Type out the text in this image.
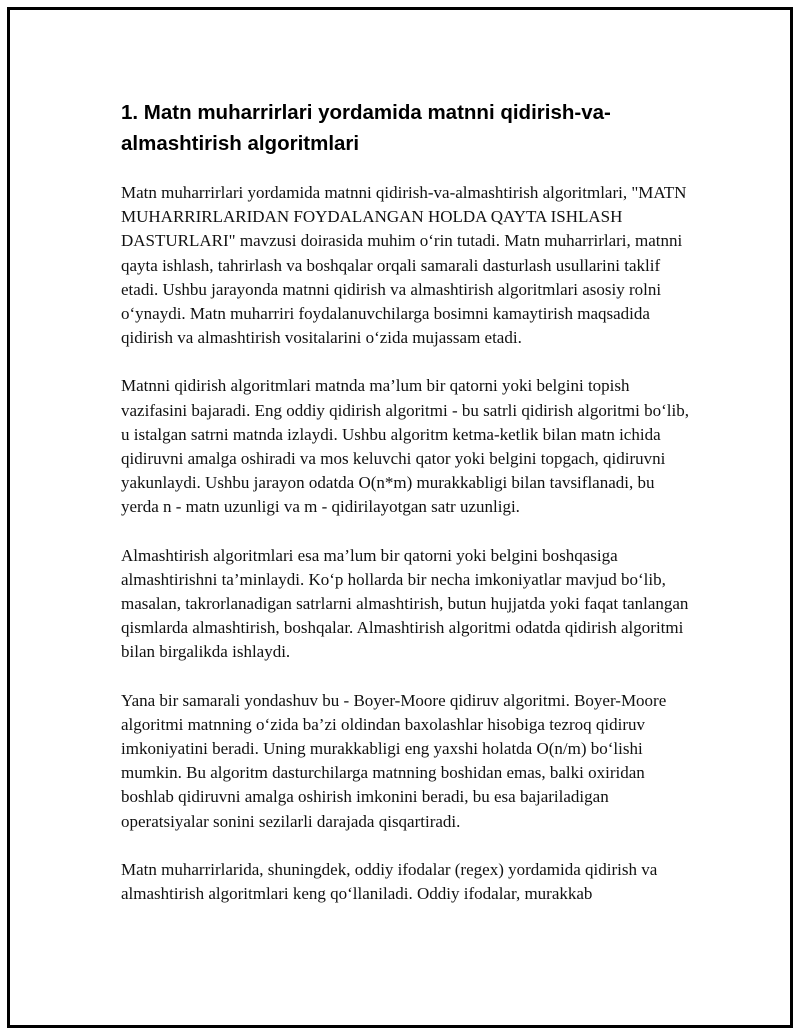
1. Matn muharrirlari yordamida matnni qidirish-va-almashtirish algoritmlari

Matn muharrirlari yordamida matnni qidirish-va-almashtirish algoritmlari, "MATN MUHARRIRLARIDAN FOYDALANGAN HOLDA QAYTA ISHLASH DASTURLARI" mavzusi doirasida muhim o‘rin tutadi. Matn muharrirlari, matnni qayta ishlash, tahrirlash va boshqalar orqali samarali dasturlash usullarini taklif etadi. Ushbu jarayonda matnni qidirish va almashtirish algoritmlari asosiy rolni o‘ynaydi. Matn muharriri foydalanuvchilarga bosimni kamaytirish maqsadida qidirish va almashtirish vositalarini o‘zida mujassam etadi.

Matnni qidirish algoritmlari matnda ma’lum bir qatorni yoki belgini topish vazifasini bajaradi. Eng oddiy qidirish algoritmi - bu satrli qidirish algoritmi bo‘lib, u istalgan satrni matnda izlaydi. Ushbu algoritm ketma-ketlik bilan matn ichida qidiruvni amalga oshiradi va mos keluvchi qator yoki belgini topgach, qidiruvni yakunlaydi. Ushbu jarayon odatda O(n*m) murakkabligi bilan tavsiflanadi, bu yerda n - matn uzunligi va m - qidirilayotgan satr uzunligi.

Almashtirish algoritmlari esa ma’lum bir qatorni yoki belgini boshqasiga almashtirishni ta’minlaydi. Ko‘p hollarda bir necha imkoniyatlar mavjud bo‘lib, masalan, takrorlanadigan satrlarni almashtirish, butun hujjatda yoki faqat tanlangan qismlarda almashtirish, boshqalar. Almashtirish algoritmi odatda qidirish algoritmi bilan birgalikda ishlaydi.

Yana bir samarali yondashuv bu - Boyer-Moore qidiruv algoritmi. Boyer-Moore algoritmi matnning o‘zida ba’zi oldindan baxolashlar hisobiga tezroq qidiruv imkoniyatini beradi. Uning murakkabligi eng yaxshi holatda O(n/m) bo‘lishi mumkin. Bu algoritm dasturchilarga matnning boshidan emas, balki oxiridan boshlab qidiruvni amalga oshirish imkonini beradi, bu esa bajariladigan operatsiyalar sonini sezilarli darajada qisqartiradi.

Matn muharrirlarida, shuningdek, oddiy ifodalar (regex) yordamida qidirish va almashtirish algoritmlari keng qo‘llaniladi. Oddiy ifodalar, murakkab
